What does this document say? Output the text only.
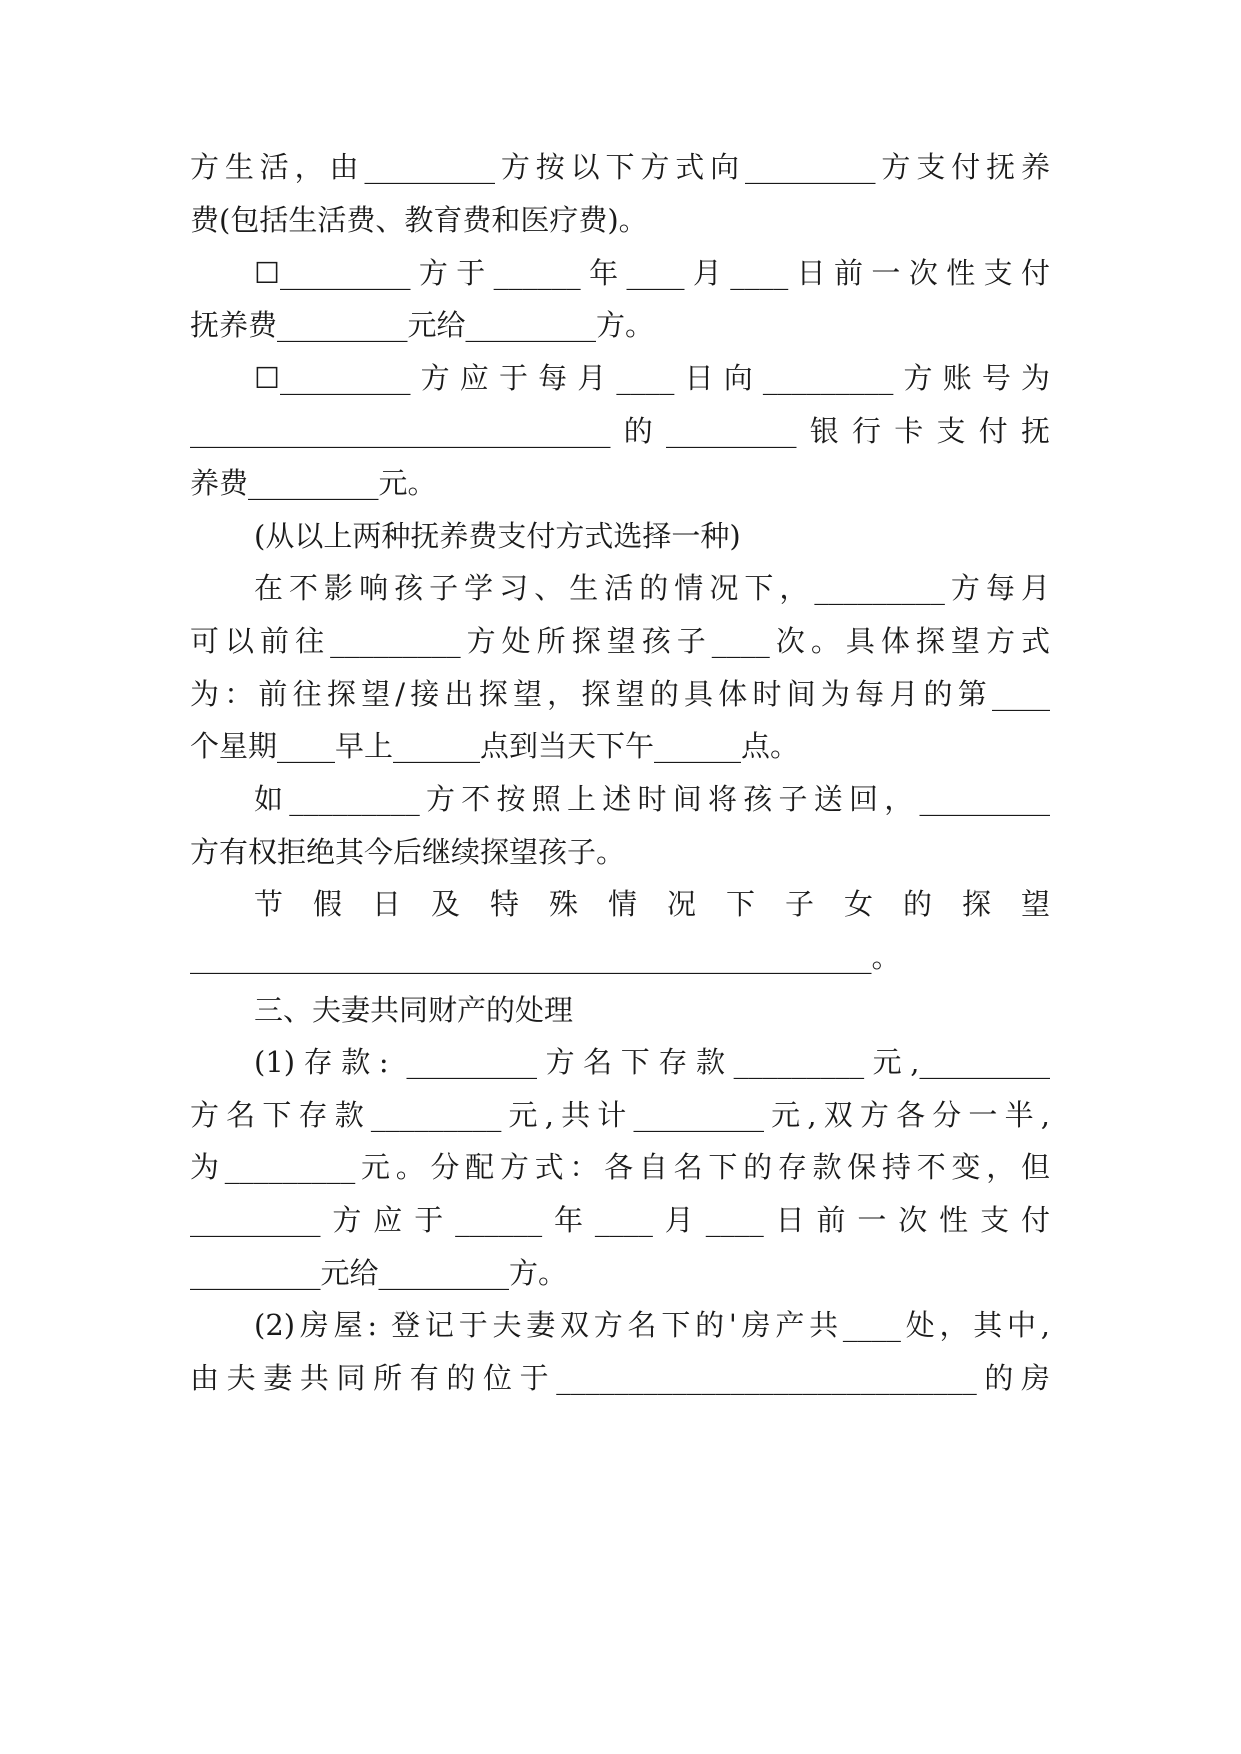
方生活，由_________方按以下方式向_________方支付抚养
费(包括生活费、教育费和医疗费)。
☐_________方于______年____月____日前一次性支付
抚养费_________元给_________方。
☐_________方应于每月____日向_________方账号为
_____________________________的_________银行卡支付抚
养费_________元。
(从以上两种抚养费支付方式选择一种)
在不影响孩子学习、生活的情况下，_________方每月
可以前往_________方处所探望孩子____次。具体探望方式
为：前往探望/接出探望，探望的具体时间为每月的第____
个星期____早上______点到当天下午______点。
如_________方不按照上述时间将孩子送回，_________
方有权拒绝其今后继续探望孩子。
节　假　日　及　特　殊　情　况　下　子　女　的　探　望
_______________________________________________。
三、夫妻共同财产的处理
(1)存款: _________方名下存款_________元,_________
方名下存款_________元,共计_________元,双方各分一半,
为_________元。分配方式：各自名下的存款保持不变，但
_________方应于______年____月____日前一次性支付
_________元给_________方。
(2)房屋: 登记于夫妻双方名下的'房产共____处，其中,
由夫妻共同所有的位于_____________________________的房
